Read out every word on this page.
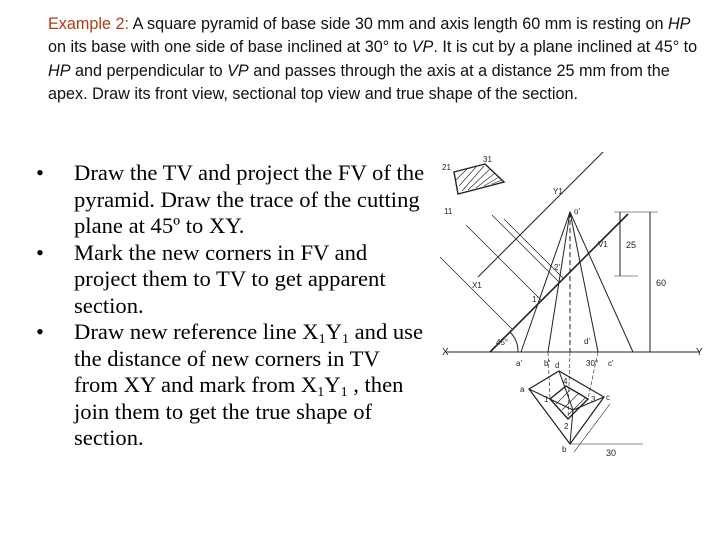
Example 2: A square pyramid of base side 30 mm and axis length 60 mm is resting on HP on its base with one side of base inclined at 30° to VP. It is cut by a plane inclined at 45° to HP and perpendicular to VP and passes through the axis at a distance 25 mm from the apex. Draw its front view, sectional top view and true shape of the section.
• Draw the TV and project the FV of the pyramid. Draw the trace of the cutting plane at 45º to XY.
• Mark the new corners in FV and project them to TV to get apparent section.
• Draw new reference line $X_1Y_1$ and use the distance of new corners in TV from XY and mark from $X_1Y_1$ , then join them to get the true shape of section.
X	Y
X1
Y1
o'
V1
2'
1'
a'	b'
d'
c'
45°
30°
a
b
c
d
1
2
3
4
21
31
11
25
60
30
